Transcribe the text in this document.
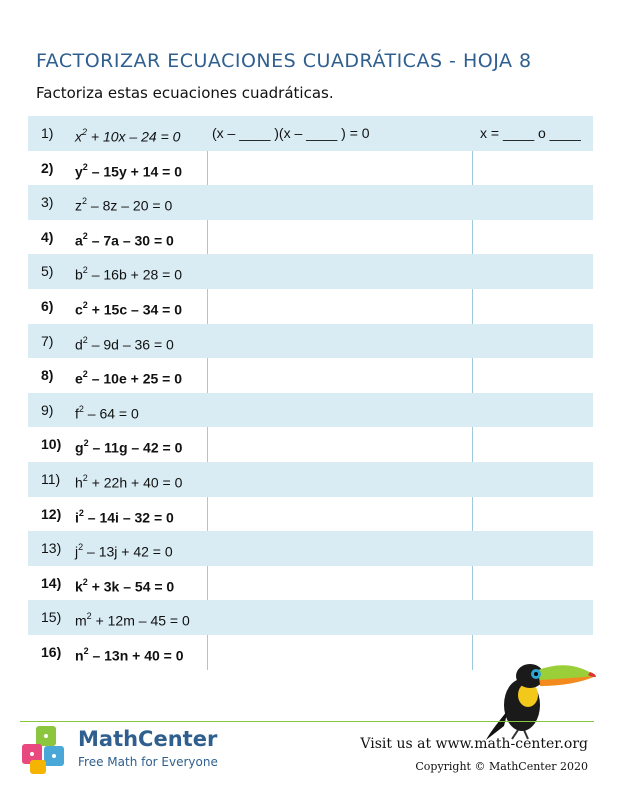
FACTORIZAR ECUACIONES CUADRÁTICAS - HOJA 8
Factoriza estas ecuaciones cuadráticas.
1) $x^2 + 10x - 24 = 0$ (x – ____ )(x – ____ ) = 0	x = ____ o ____
2) $y^2 - 15y + 14 = 0$
3) $z^2 - 8z - 20 = 0$
4) $a^2 - 7a - 30 = 0$
5) $b^2 - 16b + 28 = 0$
6) $c^2 + 15c - 34 = 0$
7) $d^2 - 9d - 36 = 0$
8) $e^2 - 10e + 25 = 0$
9) $f^2 - 64 = 0$
10) $g^2 - 11g - 42 = 0$
11) $h^2 + 22h + 40 = 0$
12) $i^2 - 14i - 32 = 0$
13) $j^2 - 13j + 42 = 0$
14) $k^2 + 3k - 54 = 0$
15) $m^2 + 12m - 45 = 0$
16) $n^2 - 13n + 40 = 0$
MathCenter
Free Math for Everyone
Visit us at www.math-center.org
Copyright © MathCenter 2020
